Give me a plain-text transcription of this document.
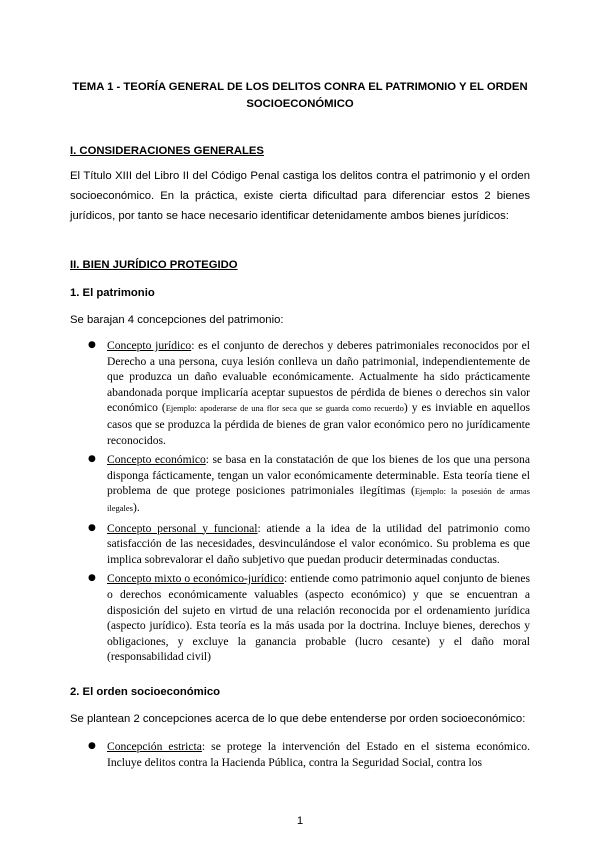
TEMA 1 - TEORÍA GENERAL DE LOS DELITOS CONRA EL PATRIMONIO Y EL ORDEN SOCIOECONÓMICO
I. CONSIDERACIONES GENERALES

El Título XIII del Libro II del Código Penal castiga los delitos contra el patrimonio y el orden socioeconómico. En la práctica, existe cierta dificultad para diferenciar estos 2 bienes jurídicos, por tanto se hace necesario identificar detenidamente ambos bienes jurídicos:

II. BIEN JURÍDICO PROTEGIDO
1. El patrimonio
Se barajan 4 concepciones del patrimonio:
● Concepto jurídico: es el conjunto de derechos y deberes patrimoniales reconocidos por el Derecho a una persona, cuya lesión conlleva un daño patrimonial, independientemente de que produzca un daño evaluable económicamente. Actualmente ha sido prácticamente abandonada porque implicaría aceptar supuestos de pérdida de bienes o derechos sin valor económico (Ejemplo: apoderarse de una flor seca que se guarda como recuerdo) y es inviable en aquellos casos que se produzca la pérdida de bienes de gran valor económico pero no jurídicamente reconocidos.
● Concepto económico: se basa en la constatación de que los bienes de los que una persona disponga fácticamente, tengan un valor económicamente determinable. Esta teoría tiene el problema de que protege posiciones patrimoniales ilegítimas (Ejemplo: la posesión de armas ilegales).
● Concepto personal y funcional: atiende a la idea de la utilidad del patrimonio como satisfacción de las necesidades, desvinculándose el valor económico. Su problema es que implica sobrevalorar el daño subjetivo que puedan producir determinadas conductas.
● Concepto mixto o económico-jurídico: entiende como patrimonio aquel conjunto de bienes o derechos económicamente valuables (aspecto económico) y que se encuentran a disposición del sujeto en virtud de una relación reconocida por el ordenamiento jurídica (aspecto jurídico). Esta teoría es la más usada por la doctrina. Incluye bienes, derechos y obligaciones, y excluye la ganancia probable (lucro cesante) y el daño moral (responsabilidad civil)
2. El orden socioeconómico
Se plantean 2 concepciones acerca de lo que debe entenderse por orden socioeconómico:
● Concepción estricta: se protege la intervención del Estado en el sistema económico. Incluye delitos contra la Hacienda Pública, contra la Seguridad Social, contra los
1
